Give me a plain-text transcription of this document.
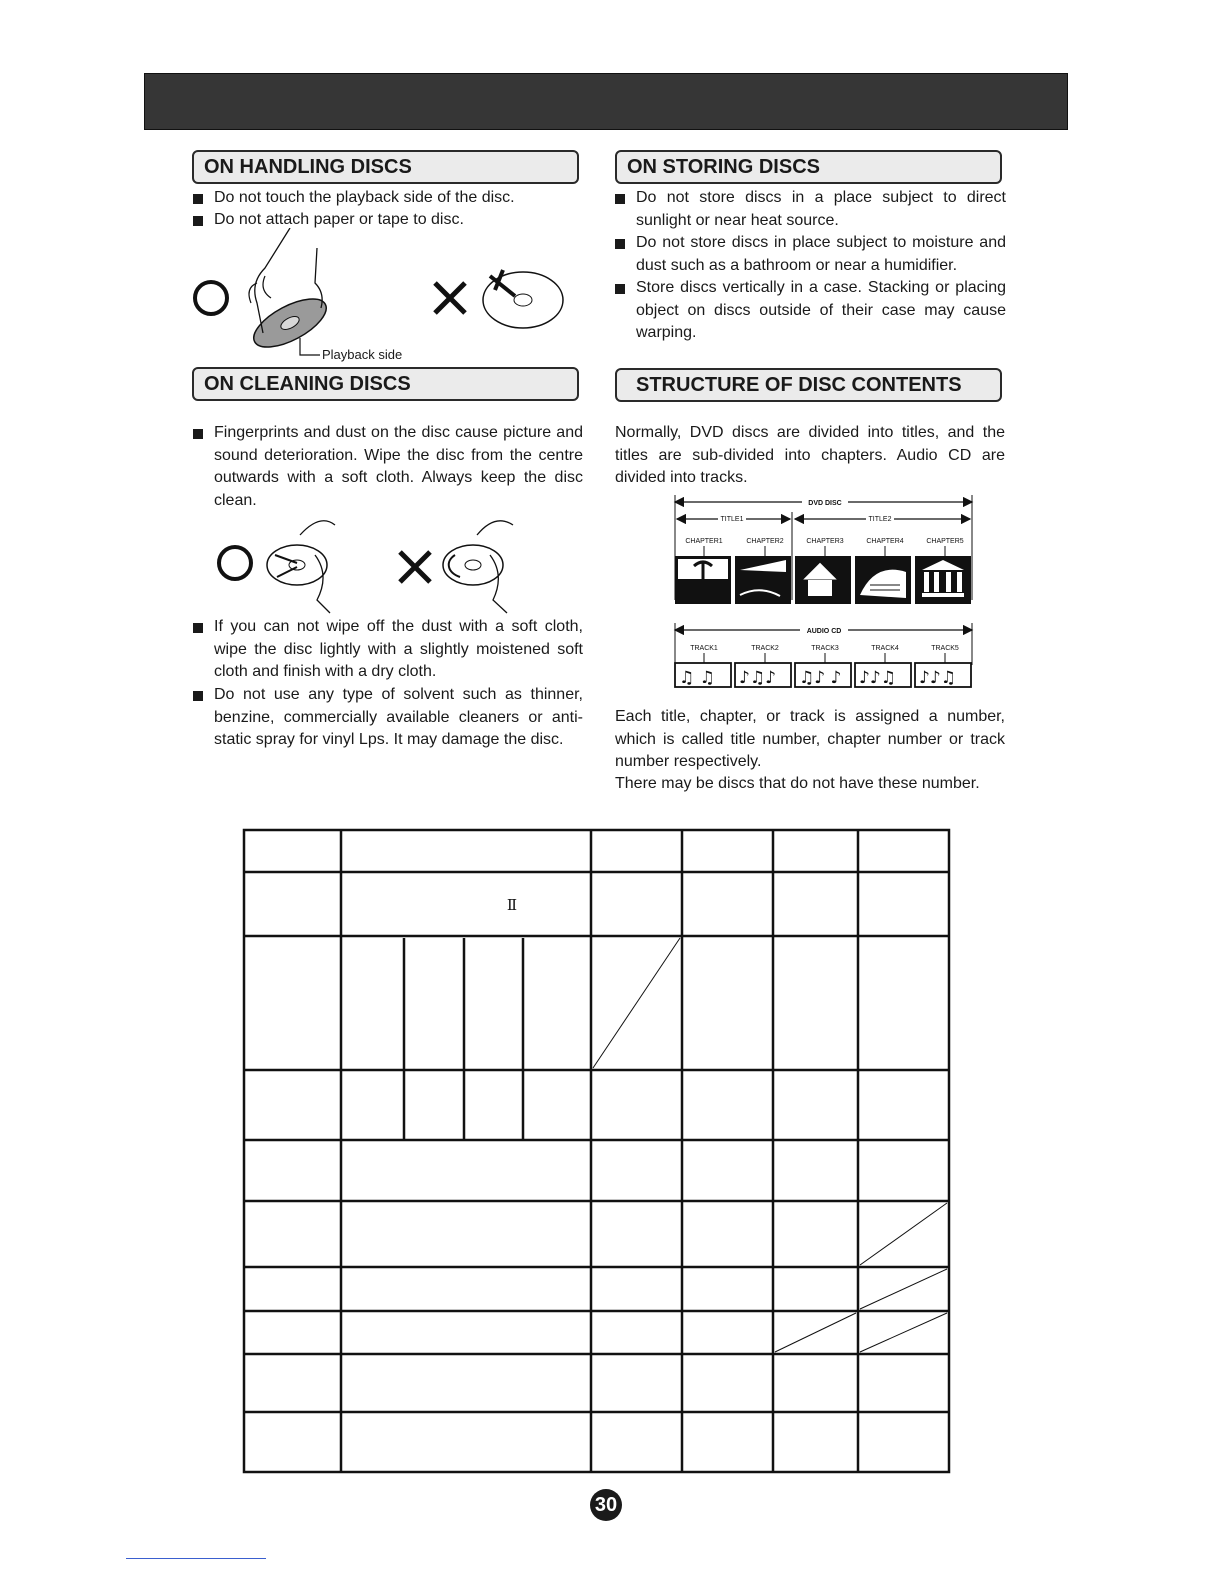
ON HANDLING DISCS
Do not touch the playback side of the disc.
Do not attach paper or tape to disc.
Playback side
ON STORING DISCS
Do not store discs in a place subject to direct sunlight or near heat source.
Do not store discs in place subject to moisture and dust such as a bathroom or near a humidifier.
Store discs vertically in a case. Stacking or placing object on discs outside of their case may cause warping.
ON CLEANING DISCS
Fingerprints and dust on the disc cause picture and sound deterioration. Wipe the disc from the centre outwards with a soft cloth. Always keep the disc clean.
If you can not wipe off the dust with a soft cloth, wipe the disc lightly with a slightly moistened soft cloth and finish with a dry cloth.
Do not use any type of solvent such as thinner, benzine, commercially available cleaners or anti-static spray for vinyl Lps. It may damage the disc.
STRUCTURE OF DISC CONTENTS
Normally, DVD discs are divided into titles, and the titles are sub-divided into chapters. Audio CD are divided into tracks.
DVD DISC
TITLE1	TITLE2
CHAPTER1	CHAPTER2	CHAPTER3	CHAPTER4	CHAPTER5
AUDIO CD
TRACK1	TRACK2	TRACK3	TRACK4	TRACK5
♫ ♫ ♪♫♪ ♫♪ ♪ ♪♪♫ ♪♪♫
Each title, chapter, or track is assigned a number, which is called title number, chapter number or track number respectively.
There may be discs that do not have these number.
Ⅱ
30
